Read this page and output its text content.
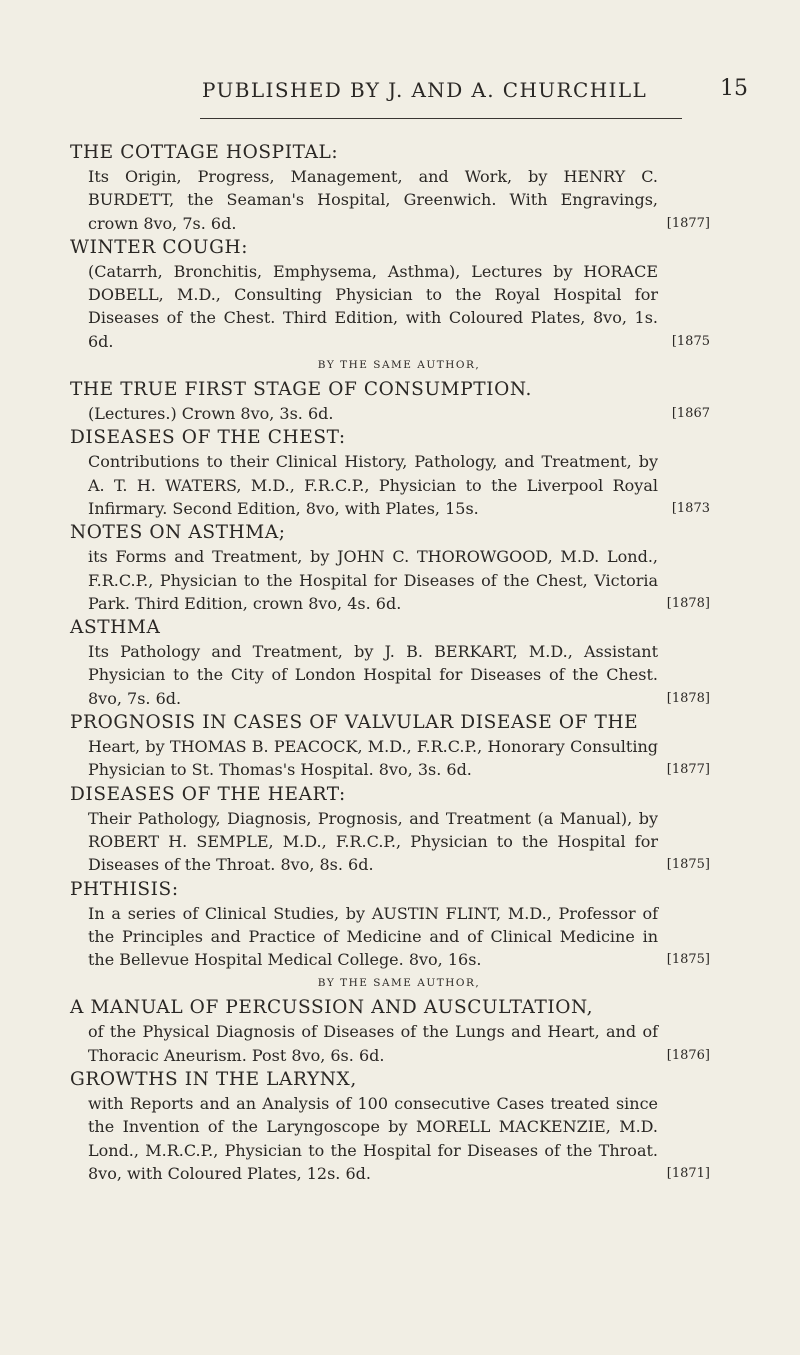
PUBLISHED BY J. AND A. CHURCHILL	15
THE COTTAGE HOSPITAL:
Its Origin, Progress, Management, and Work, by HENRY C. BURDETT, the Seaman's Hospital, Greenwich. With Engravings, crown 8vo, 7s. 6d.	[1877]
WINTER COUGH:
(Catarrh, Bronchitis, Emphysema, Asthma), Lectures by HORACE DOBELL, M.D., Consulting Physician to the Royal Hospital for Diseases of the Chest. Third Edition, with Coloured Plates, 8vo, 1s. 6d.	[1875
BY THE SAME AUTHOR,
THE TRUE FIRST STAGE OF CONSUMPTION.
(Lectures.) Crown 8vo, 3s. 6d.	[1867
DISEASES OF THE CHEST:
Contributions to their Clinical History, Pathology, and Treatment, by A. T. H. WATERS, M.D., F.R.C.P., Physician to the Liverpool Royal Infirmary. Second Edition, 8vo, with Plates, 15s.	[1873
NOTES ON ASTHMA;
its Forms and Treatment, by JOHN C. THOROWGOOD, M.D. Lond., F.R.C.P., Physician to the Hospital for Diseases of the Chest, Victoria Park. Third Edition, crown 8vo, 4s. 6d.	[1878]
ASTHMA
Its Pathology and Treatment, by J. B. BERKART, M.D., Assistant Physician to the City of London Hospital for Diseases of the Chest. 8vo, 7s. 6d.	[1878]
PROGNOSIS IN CASES OF VALVULAR DISEASE OF THE
Heart, by THOMAS B. PEACOCK, M.D., F.R.C.P., Honorary Consulting Physician to St. Thomas's Hospital. 8vo, 3s. 6d.	[1877]
DISEASES OF THE HEART:
Their Pathology, Diagnosis, Prognosis, and Treatment (a Manual), by ROBERT H. SEMPLE, M.D., F.R.C.P., Physician to the Hospital for Diseases of the Throat. 8vo, 8s. 6d.	[1875]
PHTHISIS:
In a series of Clinical Studies, by AUSTIN FLINT, M.D., Professor of the Principles and Practice of Medicine and of Clinical Medicine in the Bellevue Hospital Medical College. 8vo, 16s.	[1875]
BY THE SAME AUTHOR,
A MANUAL OF PERCUSSION AND AUSCULTATION,
of the Physical Diagnosis of Diseases of the Lungs and Heart, and of Thoracic Aneurism. Post 8vo, 6s. 6d.	[1876]
GROWTHS IN THE LARYNX,
with Reports and an Analysis of 100 consecutive Cases treated since the Invention of the Laryngoscope by MORELL MACKENZIE, M.D. Lond., M.R.C.P., Physician to the Hospital for Diseases of the Throat. 8vo, with Coloured Plates, 12s. 6d.	[1871]
